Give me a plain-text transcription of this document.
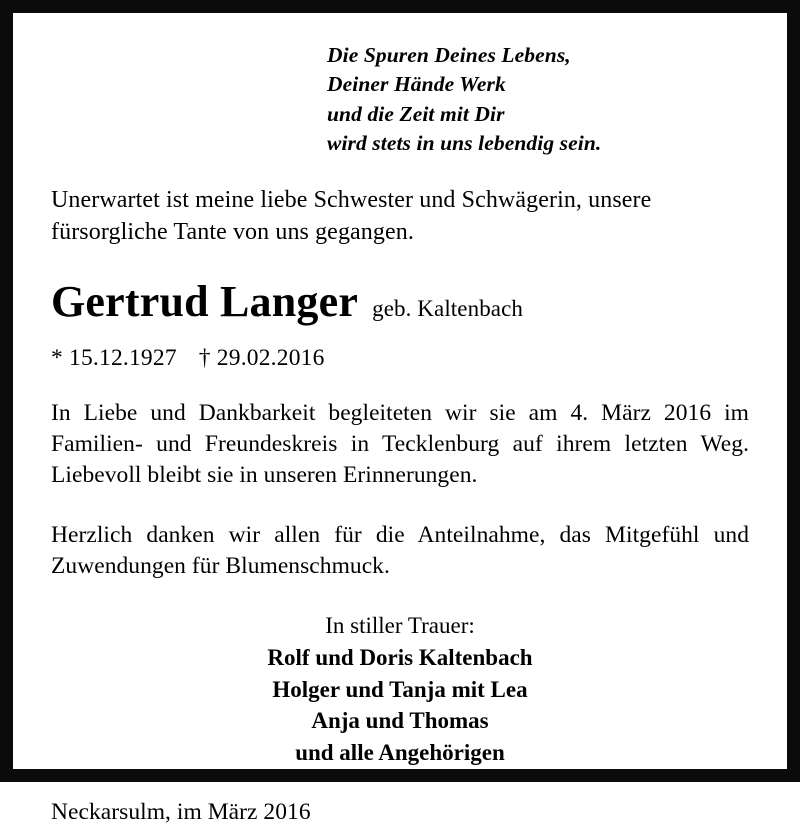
Die Spuren Deines Lebens,
Deiner Hände Werk
und die Zeit mit Dir
wird stets in uns lebendig sein.
Unerwartet ist meine liebe Schwester und Schwägerin, unsere fürsorgliche Tante von uns gegangen.
Gertrud Langer geb. Kaltenbach
* 15.12.1927 † 29.02.2016
In Liebe und Dankbarkeit begleiteten wir sie am 4. März 2016 im Familien- und Freundeskreis in Tecklenburg auf ihrem letzten Weg. Liebevoll bleibt sie in unseren Erinnerungen.
Herzlich danken wir allen für die Anteilnahme, das Mitgefühl und Zuwendungen für Blumenschmuck.
In stiller Trauer:
Rolf und Doris Kaltenbach
Holger und Tanja mit Lea
Anja und Thomas
und alle Angehörigen
Neckarsulm, im März 2016
